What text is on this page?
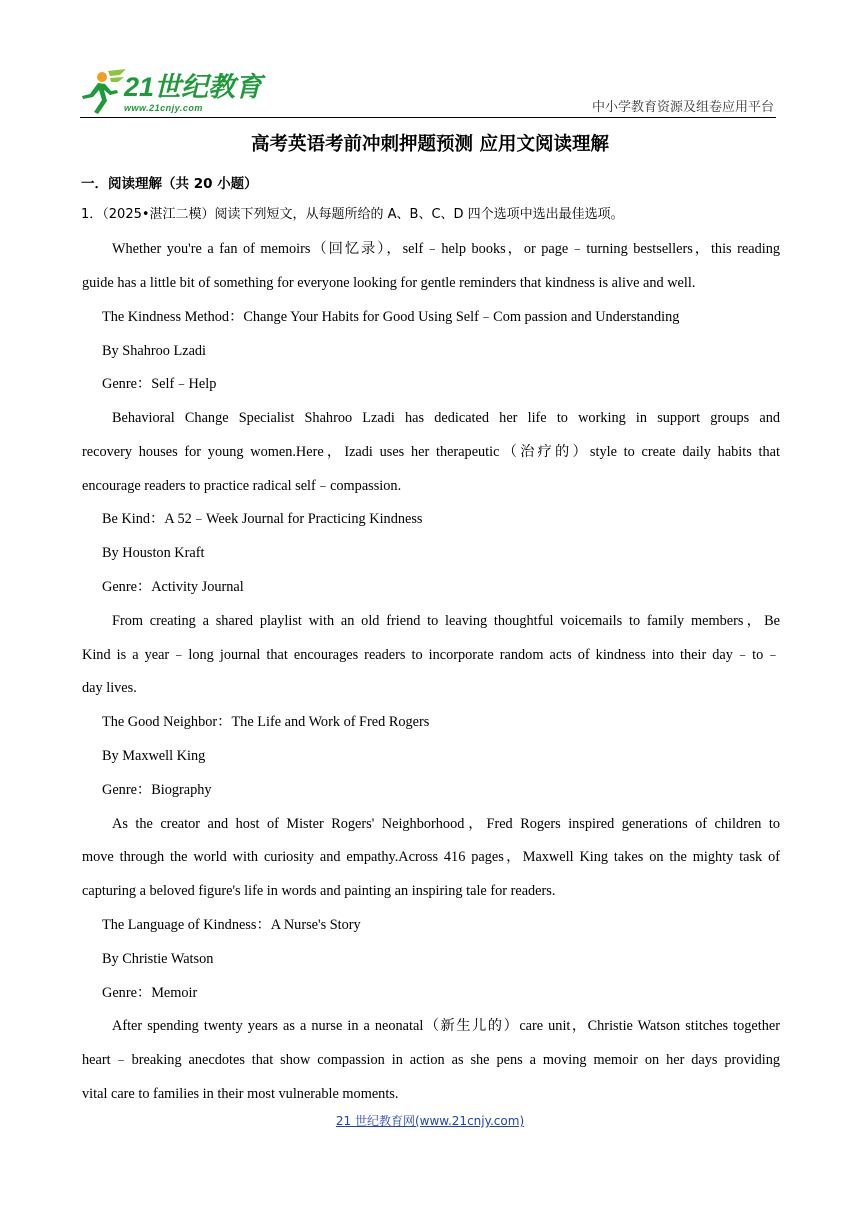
21世纪教育
www.21cnjy.com	中小学教育资源及组卷应用平台
高考英语考前冲刺押题预测 应用文阅读理解
一．阅读理解（共 20 小题）
1．（2025•湛江二模）阅读下列短文，从每题所给的 A、B、C、D 四个选项中选出最佳选项。
Whether you're a fan of memoirs（回忆录），self﹣help books，or page﹣turning bestsellers，this reading
guide has a little bit of something for everyone looking for gentle reminders that kindness is alive and well.
The Kindness Method：Change Your Habits for Good Using Self﹣Com passion and Understanding
By Shahroo Lzadi
Genre：Self﹣Help
Behavioral Change Specialist Shahroo Lzadi has dedicated her life to working in support groups and
recovery houses for young women.Here，Izadi uses her therapeutic（治疗的）style to create daily habits that
encourage readers to practice radical self﹣compassion.
Be Kind：A 52﹣Week Journal for Practicing Kindness
By Houston Kraft
Genre：Activity Journal
From creating a shared playlist with an old friend to leaving thoughtful voicemails to family members，Be
Kind is a year﹣long journal that encourages readers to incorporate random acts of kindness into their day﹣to﹣
day lives.
The Good Neighbor：The Life and Work of Fred Rogers
By Maxwell King
Genre：Biography
As the creator and host of Mister Rogers' Neighborhood，Fred Rogers inspired generations of children to
move through the world with curiosity and empathy.Across 416 pages，Maxwell King takes on the mighty task of
capturing a beloved figure's life in words and painting an inspiring tale for readers.
The Language of Kindness：A Nurse's Story
By Christie Watson
Genre：Memoir
After spending twenty years as a nurse in a neonatal（新生儿的）care unit，Christie Watson stitches together
heart﹣breaking anecdotes that show compassion in action as she pens a moving memoir on her days providing
vital care to families in their most vulnerable moments.
21 世纪教育网(www.21cnjy.com)
